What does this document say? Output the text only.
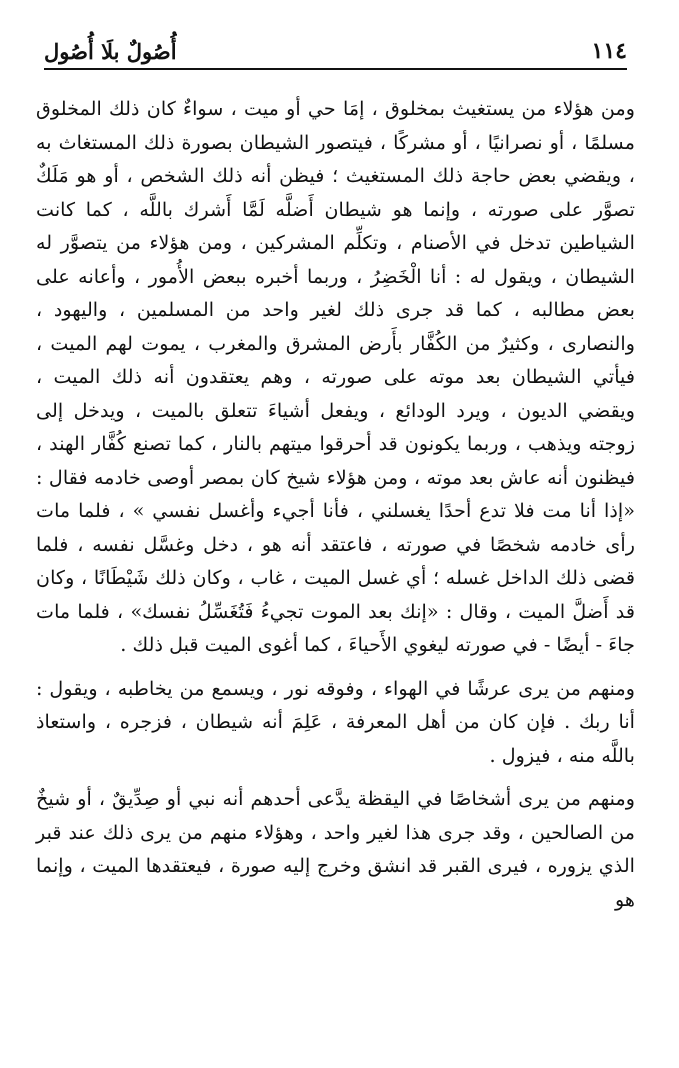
١١٤
أُصُولٌ بلَا أُصُول

ومن هؤلاء من يستغيث بمخلوق ، إمَا حي أو ميت ، سواءٌ كان ذلك المخلوق مسلمًا ، أو نصرانيًا ، أو مشركًا ، فيتصور الشيطان بصورة ذلك المستغاث به ، ويقضي بعض حاجة ذلك المستغيث ؛ فيظن أنه ذلك الشخص ، أو هو مَلَكٌ تصوَّر على صورته ، وإنما هو شيطان أَضلَّه لَمَّا أَشرك باللَّه ، كما كانت الشياطين تدخل في الأصنام ، وتكلِّم المشركين ، ومن هؤلاء من يتصوَّر له الشيطان ، ويقول له : أنا الْخَضِرُ ، وربما أخبره ببعض الأُمور ، وأعانه على بعض مطالبه ، كما قد جرى ذلك لغير واحد من المسلمين ، واليهود ، والنصارى ، وكثيرٌ من الكُفَّار بأَرض المشرق والمغرب ، يموت لهم الميت ، فيأتي الشيطان بعد موته على صورته ، وهم يعتقدون أنه ذلك الميت ، ويقضي الديون ، ويرد الودائع ، ويفعل أشياءَ تتعلق بالميت ، ويدخل إلى زوجته ويذهب ، وربما يكونون قد أحرقوا ميتهم بالنار ، كما تصنع كُفَّار الهند ، فيظنون أنه عاش بعد موته ، ومن هؤلاء شيخ كان بمصر أوصى خادمه فقال : «إذا أنا مت فلا تدع أحدًا يغسلني ، فأنا أجيء وأغسل نفسي » ، فلما مات رأى خادمه شخصًا في صورته ، فاعتقد أنه هو ، دخل وغسَّل نفسه ، فلما قضى ذلك الداخل غسله ؛ أي غسل الميت ، غاب ، وكان ذلك شَيْطَانًا ، وكان قد أَضلَّ الميت ، وقال : «إنك بعد الموت تجيءُ فَتُغَسِّلُ نفسك» ، فلما مات جاءَ - أيضًا - في صورته ليغوي الأَحياءَ ، كما أغوى الميت قبل ذلك .

ومنهم من يرى عرشًا في الهواء ، وفوقه نور ، ويسمع من يخاطبه ، ويقول : أنا ربك . فإن كان من أهل المعرفة ، عَلِمَ أنه شيطان ، فزجره ، واستعاذ باللَّه منه ، فيزول .

ومنهم من يرى أشخاصًا في اليقظة يدَّعى أحدهم أنه نبي أو صِدِّيقٌ ، أو شيخٌ من الصالحين ، وقد جرى هذا لغير واحد ، وهؤلاء منهم من يرى ذلك عند قبر الذي يزوره ، فيرى القبر قد انشق وخرج إليه صورة ، فيعتقدها الميت ، وإنما هو
